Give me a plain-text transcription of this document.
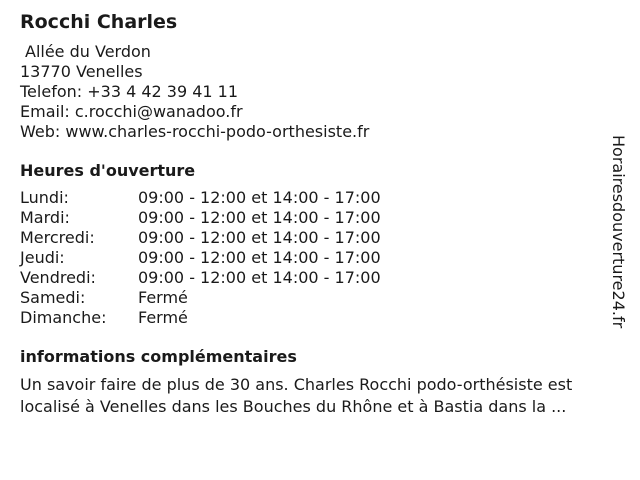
Rocchi Charles
Allée du Verdon
13770 Venelles
Telefon: +33 4 42 39 41 11
Email: c.rocchi@wanadoo.fr
Web: www.charles-rocchi-podo-orthesiste.fr
Heures d'ouverture
Lundi:	09:00 - 12:00 et 14:00 - 17:00
Mardi:	09:00 - 12:00 et 14:00 - 17:00
Mercredi:	09:00 - 12:00 et 14:00 - 17:00
Jeudi:	09:00 - 12:00 et 14:00 - 17:00
Vendredi:	09:00 - 12:00 et 14:00 - 17:00
Samedi:	Fermé
Dimanche:	Fermé
informations complémentaires
Un savoir faire de plus de 30 ans. Charles Rocchi podo-orthésiste est
localisé à Venelles dans les Bouches du Rhône et à Bastia dans la ...
Horairesdouverture24.fr
